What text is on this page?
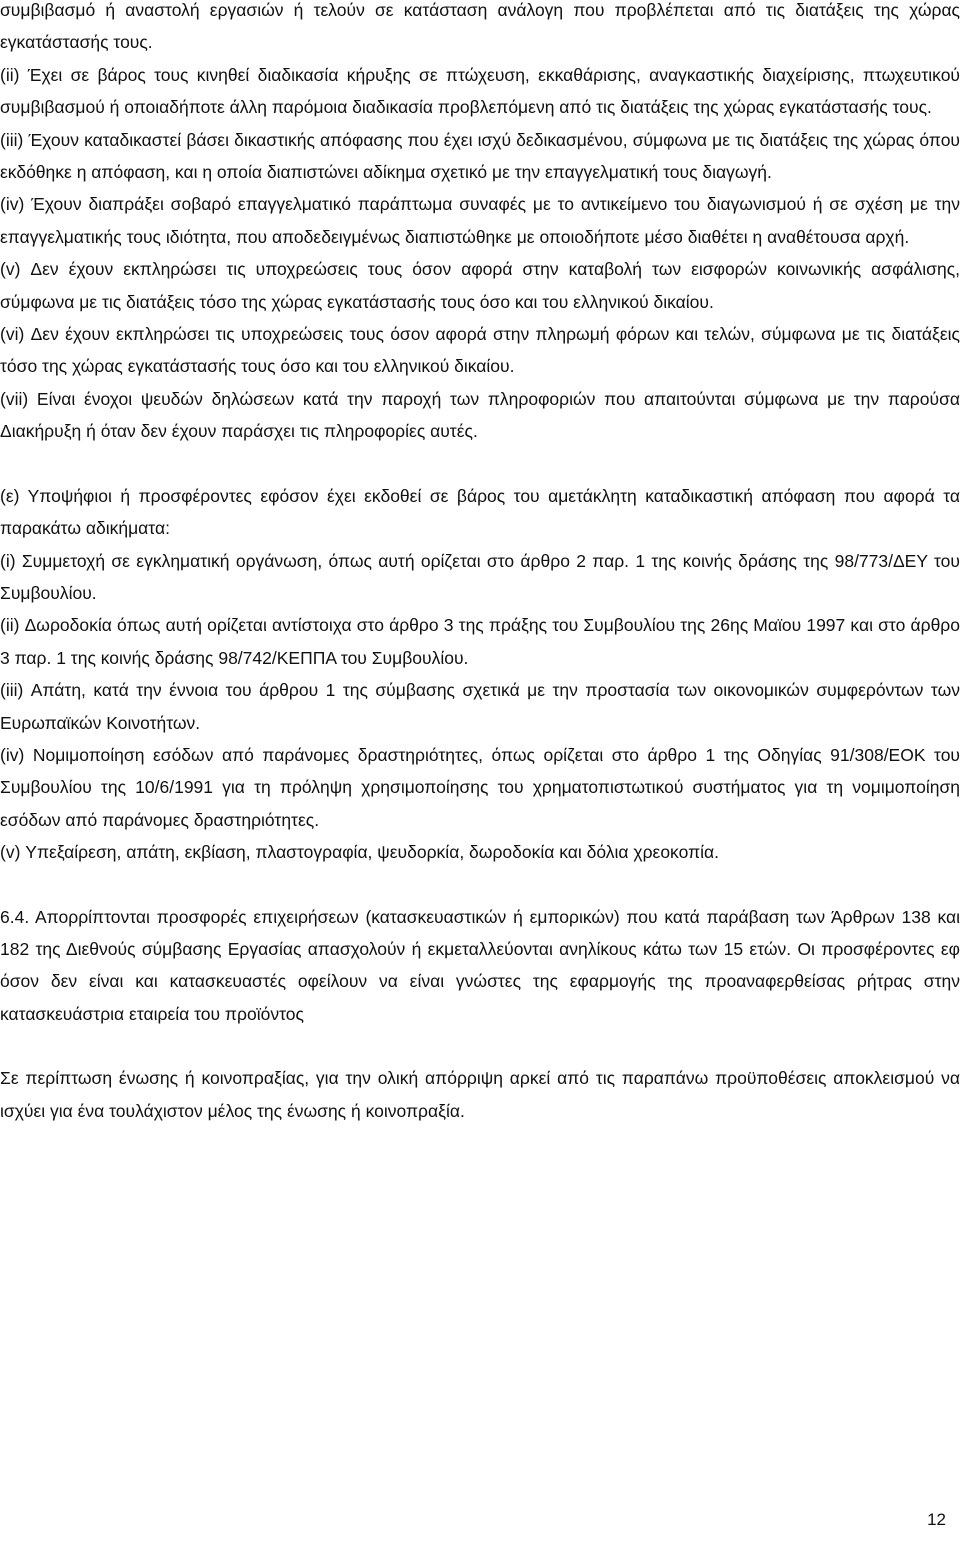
συμβιβασμό ή αναστολή εργασιών ή τελούν σε κατάσταση ανάλογη που προβλέπεται από τις διατάξεις της χώρας εγκατάστασής τους.

(ii) Έχει σε βάρος τους κινηθεί διαδικασία κήρυξης σε πτώχευση, εκκαθάρισης, αναγκαστικής διαχείρισης, πτωχευτικού συμβιβασμού ή οποιαδήποτε άλλη παρόμοια διαδικασία προβλεπόμενη από τις διατάξεις της χώρας εγκατάστασής τους.

(iii) Έχουν καταδικαστεί βάσει δικαστικής απόφασης που έχει ισχύ δεδικασμένου, σύμφωνα με τις διατάξεις της χώρας όπου εκδόθηκε η απόφαση, και η οποία διαπιστώνει αδίκημα σχετικό με την επαγγελματική τους διαγωγή.

(iv) Έχουν διαπράξει σοβαρό επαγγελματικό παράπτωμα συναφές με το αντικείμενο του διαγωνισμού ή σε σχέση με την επαγγελματικής τους ιδιότητα, που αποδεδειγμένως διαπιστώθηκε με οποιοδήποτε μέσο διαθέτει η αναθέτουσα αρχή.

(v) Δεν έχουν εκπληρώσει τις υποχρεώσεις τους όσον αφορά στην καταβολή των εισφορών κοινωνικής ασφάλισης, σύμφωνα με τις διατάξεις τόσο της χώρας εγκατάστασής τους όσο και του ελληνικού δικαίου.

(vi) Δεν έχουν εκπληρώσει τις υποχρεώσεις τους όσον αφορά στην πληρωμή φόρων και τελών, σύμφωνα με τις διατάξεις τόσο της χώρας εγκατάστασής τους όσο και του ελληνικού δικαίου.

(vii) Είναι ένοχοι ψευδών δηλώσεων κατά την παροχή των πληροφοριών που απαιτούνται σύμφωνα με την παρούσα Διακήρυξη ή όταν δεν έχουν παράσχει τις πληροφορίες αυτές.

(ε) Υποψήφιοι ή προσφέροντες εφόσον έχει εκδοθεί σε βάρος του αμετάκλητη καταδικαστική απόφαση που αφορά τα παρακάτω αδικήματα:

(i) Συμμετοχή σε εγκληματική οργάνωση, όπως αυτή ορίζεται στο άρθρο 2 παρ. 1 της κοινής δράσης της 98/773/ΔΕΥ του Συμβουλίου.

(ii) Δωροδοκία όπως αυτή ορίζεται αντίστοιχα στο άρθρο 3 της πράξης του Συμβουλίου της 26ης Μαϊου 1997 και στο άρθρο 3 παρ. 1 της κοινής δράσης 98/742/ΚΕΠΠΑ του Συμβουλίου.

(iii) Απάτη, κατά την έννοια του άρθρου 1 της σύμβασης σχετικά με την προστασία των οικονομικών συμφερόντων των Ευρωπαϊκών Κοινοτήτων.

(iv) Νομιμοποίηση εσόδων από παράνομες δραστηριότητες, όπως ορίζεται στο άρθρο 1 της Οδηγίας 91/308/ΕΟΚ του Συμβουλίου της 10/6/1991 για τη πρόληψη χρησιμοποίησης του χρηματοπιστωτικού συστήματος για τη νομιμοποίηση εσόδων από παράνομες δραστηριότητες.

(v) Υπεξαίρεση, απάτη, εκβίαση, πλαστογραφία, ψευδορκία, δωροδοκία και δόλια χρεοκοπία.

6.4. Απορρίπτονται προσφορές επιχειρήσεων (κατασκευαστικών ή εμπορικών) που κατά παράβαση των Άρθρων 138 και 182 της Διεθνούς σύμβασης Εργασίας απασχολούν ή εκμεταλλεύονται ανηλίκους κάτω των 15 ετών. Οι προσφέροντες εφ όσον δεν είναι και κατασκευαστές οφείλουν να είναι γνώστες της εφαρμογής της προαναφερθείσας ρήτρας στην κατασκευάστρια εταιρεία του προϊόντος

Σε περίπτωση ένωσης ή κοινοπραξίας, για την ολική απόρριψη αρκεί από τις παραπάνω προϋποθέσεις αποκλεισμού να ισχύει για ένα τουλάχιστον μέλος της ένωσης ή κοινοπραξία.

12
